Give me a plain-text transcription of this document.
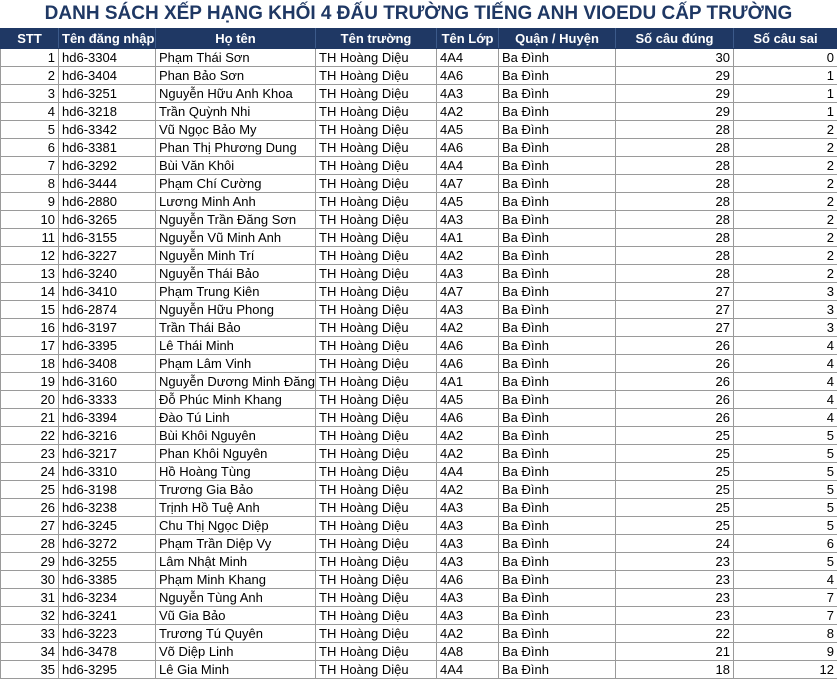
DANH SÁCH XẾP HẠNG KHỐI 4 ĐẤU TRƯỜNG TIẾNG ANH VIOEDU CẤP TRƯỜNG
STT	Tên đăng nhập	Họ tên	Tên trường	Tên Lớp	Quận / Huyện	Số câu đúng	Số câu sai
1	hd6-3304	Phạm Thái Sơn	TH Hoàng Diệu	4A4	Ba Đình	30	0
2	hd6-3404	Phan Bảo Sơn	TH Hoàng Diệu	4A6	Ba Đình	29	1
3	hd6-3251	Nguyễn Hữu Anh Khoa	TH Hoàng Diệu	4A3	Ba Đình	29	1
4	hd6-3218	Trần Quỳnh Nhi	TH Hoàng Diệu	4A2	Ba Đình	29	1
5	hd6-3342	Vũ Ngọc Bảo My	TH Hoàng Diệu	4A5	Ba Đình	28	2
6	hd6-3381	Phan Thị Phương Dung	TH Hoàng Diệu	4A6	Ba Đình	28	2
7	hd6-3292	Bùi Văn Khôi	TH Hoàng Diệu	4A4	Ba Đình	28	2
8	hd6-3444	Phạm Chí Cường	TH Hoàng Diệu	4A7	Ba Đình	28	2
9	hd6-2880	Lương Minh Anh	TH Hoàng Diệu	4A5	Ba Đình	28	2
10	hd6-3265	Nguyễn Trần Đăng Sơn	TH Hoàng Diệu	4A3	Ba Đình	28	2
11	hd6-3155	Nguyễn Vũ Minh Anh	TH Hoàng Diệu	4A1	Ba Đình	28	2
12	hd6-3227	Nguyễn Minh Trí	TH Hoàng Diệu	4A2	Ba Đình	28	2
13	hd6-3240	Nguyễn Thái Bảo	TH Hoàng Diệu	4A3	Ba Đình	28	2
14	hd6-3410	Phạm Trung Kiên	TH Hoàng Diệu	4A7	Ba Đình	27	3
15	hd6-2874	Nguyễn Hữu Phong	TH Hoàng Diệu	4A3	Ba Đình	27	3
16	hd6-3197	Trần Thái Bảo	TH Hoàng Diệu	4A2	Ba Đình	27	3
17	hd6-3395	Lê Thái Minh	TH Hoàng Diệu	4A6	Ba Đình	26	4
18	hd6-3408	Phạm Lâm Vinh	TH Hoàng Diệu	4A6	Ba Đình	26	4
19	hd6-3160	Nguyễn Dương Minh Đăng	TH Hoàng Diệu	4A1	Ba Đình	26	4
20	hd6-3333	Đỗ Phúc Minh Khang	TH Hoàng Diệu	4A5	Ba Đình	26	4
21	hd6-3394	Đào Tú Linh	TH Hoàng Diệu	4A6	Ba Đình	26	4
22	hd6-3216	Bùi Khôi Nguyên	TH Hoàng Diệu	4A2	Ba Đình	25	5
23	hd6-3217	Phan Khôi Nguyên	TH Hoàng Diệu	4A2	Ba Đình	25	5
24	hd6-3310	Hồ Hoàng Tùng	TH Hoàng Diệu	4A4	Ba Đình	25	5
25	hd6-3198	Trương Gia Bảo	TH Hoàng Diệu	4A2	Ba Đình	25	5
26	hd6-3238	Trịnh Hồ Tuệ Anh	TH Hoàng Diệu	4A3	Ba Đình	25	5
27	hd6-3245	Chu Thị Ngọc Diệp	TH Hoàng Diệu	4A3	Ba Đình	25	5
28	hd6-3272	Phạm Trần Diệp Vy	TH Hoàng Diệu	4A3	Ba Đình	24	6
29	hd6-3255	Lâm Nhật Minh	TH Hoàng Diệu	4A3	Ba Đình	23	5
30	hd6-3385	Phạm Minh Khang	TH Hoàng Diệu	4A6	Ba Đình	23	4
31	hd6-3234	Nguyễn Tùng Anh	TH Hoàng Diệu	4A3	Ba Đình	23	7
32	hd6-3241	Vũ Gia Bảo	TH Hoàng Diệu	4A3	Ba Đình	23	7
33	hd6-3223	Trương Tú Quyên	TH Hoàng Diệu	4A2	Ba Đình	22	8
34	hd6-3478	Võ Diệp Linh	TH Hoàng Diệu	4A8	Ba Đình	21	9
35	hd6-3295	Lê Gia Minh	TH Hoàng Diệu	4A4	Ba Đình	18	12
